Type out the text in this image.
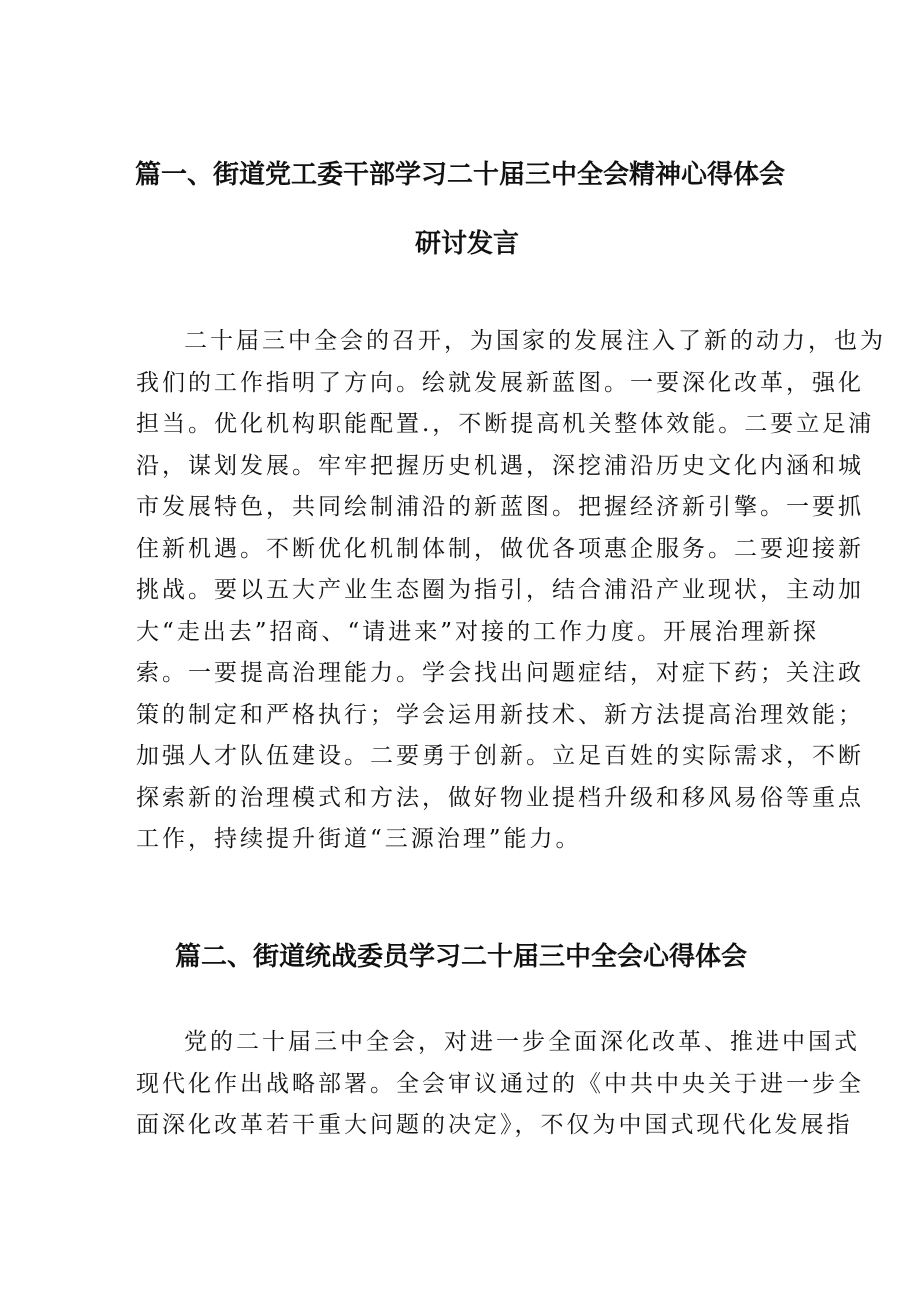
篇一、街道党工委干部学习二十届三中全会精神心得体会
研讨发言
二十届三中全会的召开，为国家的发展注入了新的动力，也为
我们的工作指明了方向。绘就发展新蓝图。一要深化改革，强化
担当。优化机构职能配置.，不断提高机关整体效能。二要立足浦
沿，谋划发展。牢牢把握历史机遇，深挖浦沿历史文化内涵和城
市发展特色，共同绘制浦沿的新蓝图。把握经济新引擎。一要抓
住新机遇。不断优化机制体制，做优各项惠企服务。二要迎接新
挑战。要以五大产业生态圈为指引，结合浦沿产业现状，主动加
大“走出去”招商、“请进来”对接的工作力度。开展治理新探
索。一要提高治理能力。学会找出问题症结，对症下药；关注政
策的制定和严格执行；学会运用新技术、新方法提高治理效能；
加强人才队伍建设。二要勇于创新。立足百姓的实际需求，不断
探索新的治理模式和方法，做好物业提档升级和移风易俗等重点
工作，持续提升街道“三源治理”能力。
篇二、街道统战委员学习二十届三中全会心得体会
党的二十届三中全会，对进一步全面深化改革、推进中国式
现代化作出战略部署。全会审议通过的《中共中央关于进一步全
面深化改革若干重大问题的决定》，不仅为中国式现代化发展指
